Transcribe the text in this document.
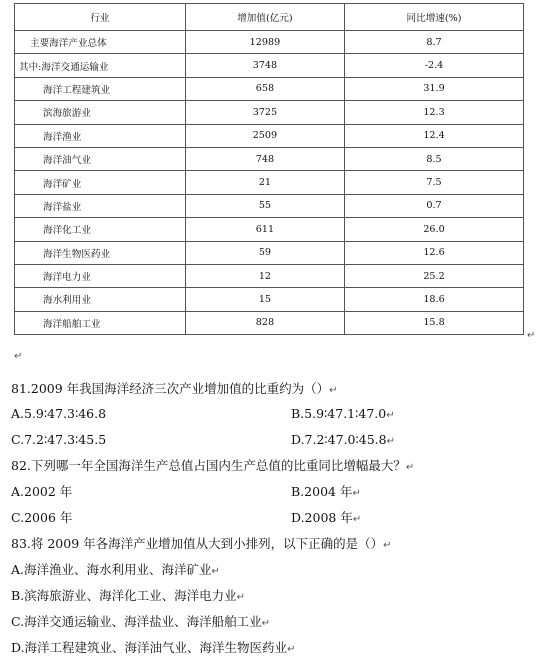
行业	增加值(亿元)	同比增速(%)
主要海洋产业总体	12989	8.7
其中:海洋交通运输业	3748	-2.4
海洋工程建筑业	658	31.9
滨海旅游业	3725	12.3
海洋渔业	2509	12.4
海洋油气业	748	8.5
海洋矿业	21	7.5
海洋盐业	55	0.7
海洋化工业	611	26.0
海洋生物医药业	59	12.6
海洋电力业	12	25.2
海水利用业	15	18.6
海洋船舶工业	828	15.8
↵
↵
81.2009 年我国海洋经济三次产业增加值的比重约为（）↵
A.5.9∶47.3∶46.8	B.5.9∶47.1∶47.0↵
C.7.2∶47.3∶45.5	D.7.2∶47.0∶45.8↵
82.下列哪一年全国海洋生产总值占国内生产总值的比重同比增幅最大？↵
A.2002 年	B.2004 年↵
C.2006 年	D.2008 年↵
83.将 2009 年各海洋产业增加值从大到小排列，以下正确的是（）↵
A.海洋渔业、海水利用业、海洋矿业↵
B.滨海旅游业、海洋化工业、海洋电力业↵
C.海洋交通运输业、海洋盐业、海洋船舶工业↵
D.海洋工程建筑业、海洋油气业、海洋生物医药业↵
